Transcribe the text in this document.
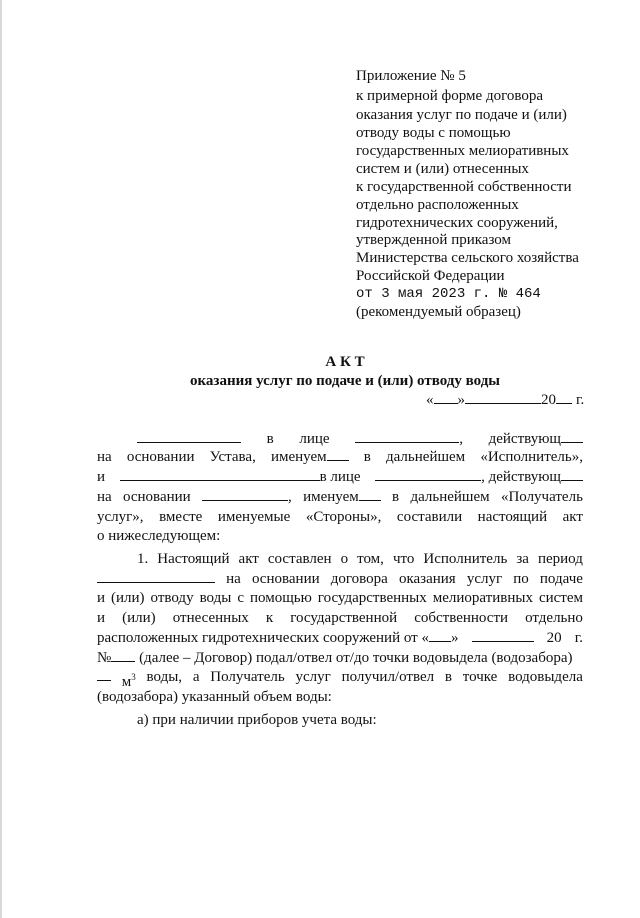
Приложение № 5
к примерной форме договора
оказания услуг по подаче и (или)
отводу воды с помощью
государственных мелиоративных
систем и (или) отнесенных
к государственной собственности
отдельно расположенных
гидротехнических сооружений,
утвержденной приказом
Министерства сельского хозяйства
Российской Федерации
от 3 мая 2023 г. № 464
(рекомендуемый образец)
А К Т
оказания услуг по подаче и (или) отводу воды
« »	20 г.
в лице	, действующ
на основании Устава, именуем	в дальнейшем «Исполнитель»,
и	в лице	, действующ
на основании	, именуем	в дальнейшем «Получатель
услуг», вместе именуемые «Стороны», составили настоящий акт
о нижеследующем:
1. Настоящий акт составлен о том, что Исполнитель за период
на основании договора оказания услуг по подаче
и (или) отводу воды с помощью государственных мелиоративных систем
и (или) отнесенных к государственной собственности отдельно
расположенных гидротехнических сооружений от « »	20 г.
№ (далее – Договор) подал/отвел от/до точки водовыдела (водозабора)
$м^3$ воды, а Получатель услуг получил/отвел в точке водовыдела
(водозабора) указанный объем воды:
а) при наличии приборов учета воды:
